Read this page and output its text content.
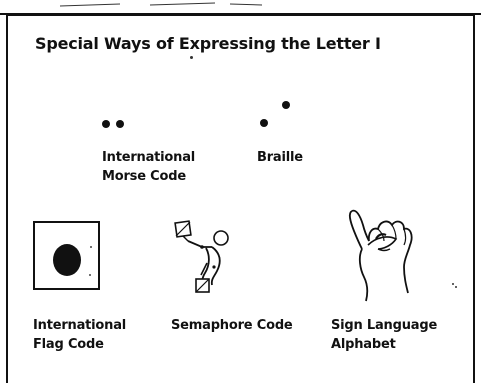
Special Ways of Expressing the Letter I
International
Morse Code
Braille
International
Flag Code
Semaphore Code	Sign Language
Alphabet
